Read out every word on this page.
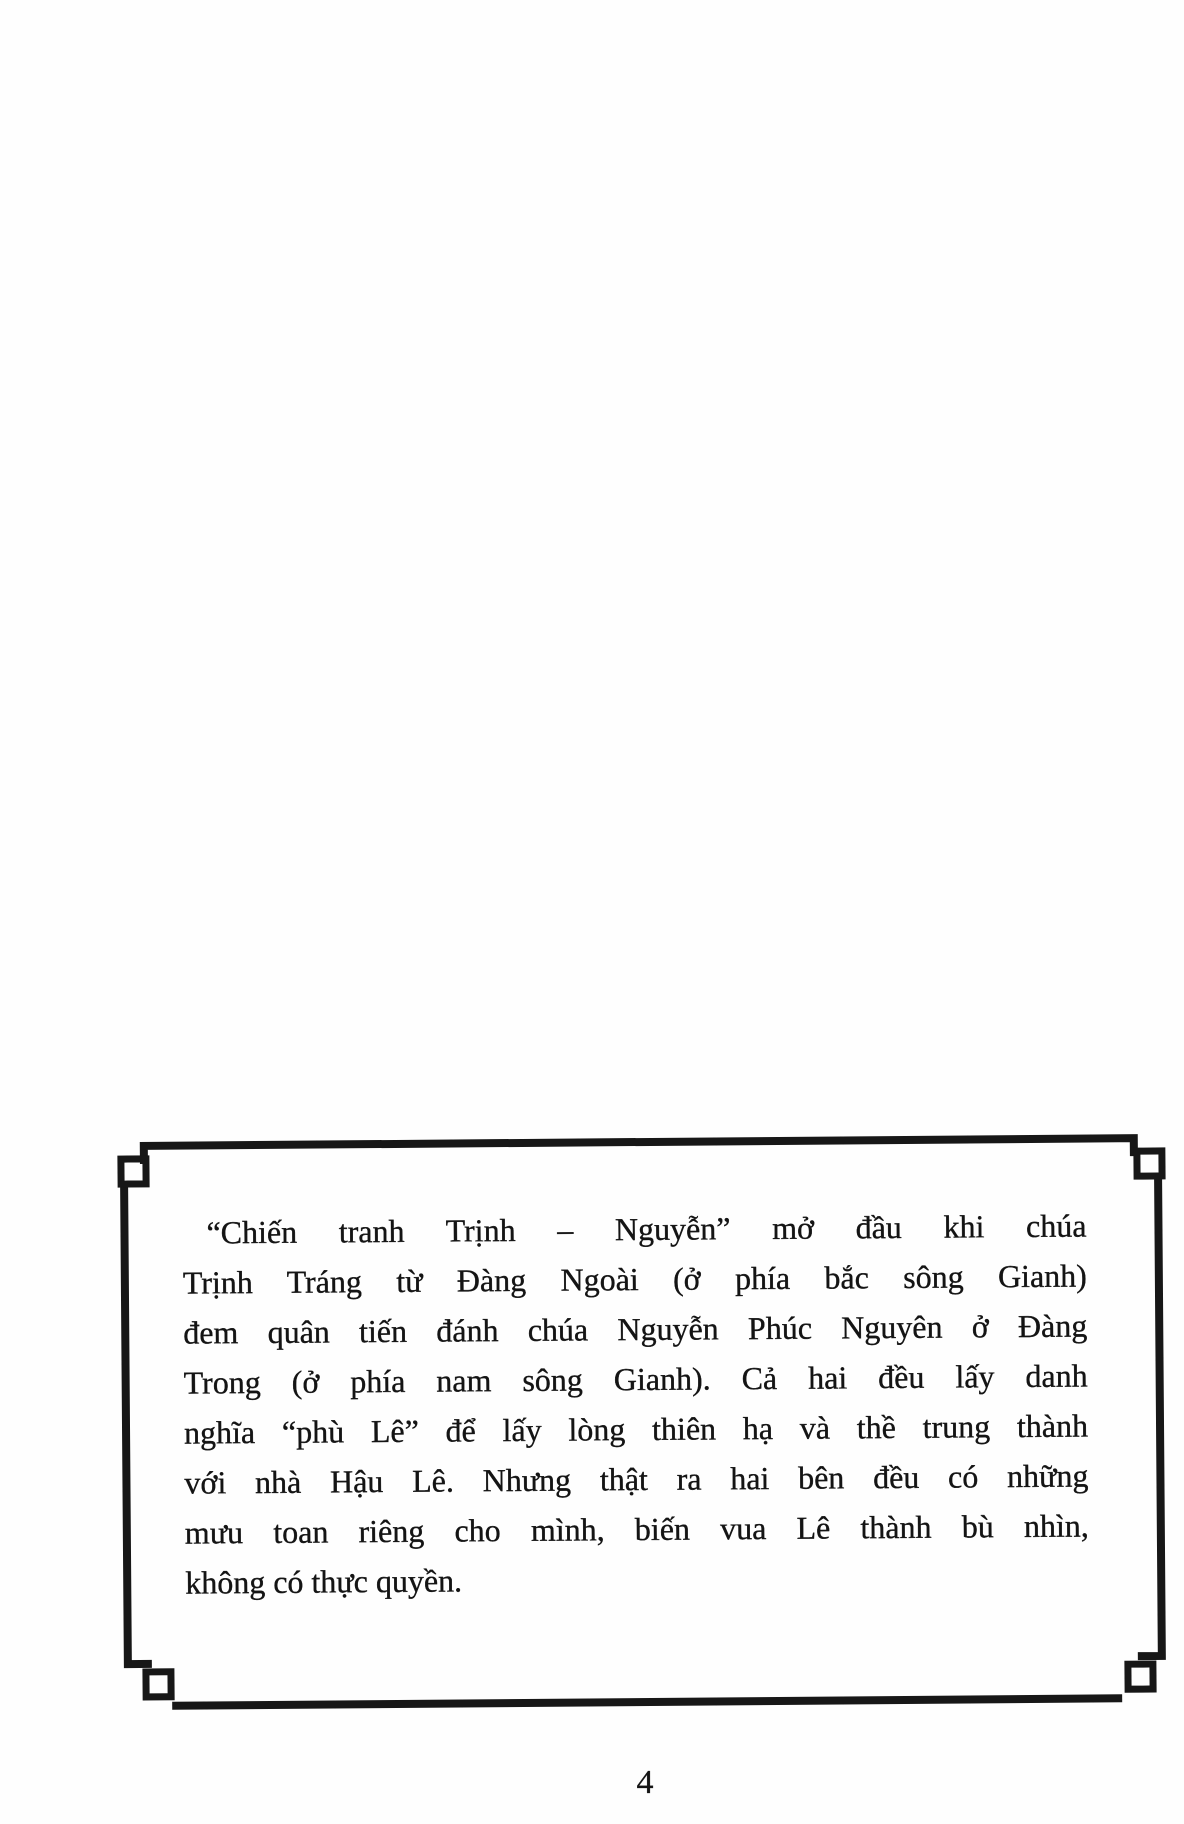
“Chiến tranh Trịnh – Nguyễn” mở đầu khi chúa
Trịnh Tráng từ Đàng Ngoài (ở phía bắc sông Gianh)
đem quân tiến đánh chúa Nguyễn Phúc Nguyên ở Đàng
Trong (ở phía nam sông Gianh). Cả hai đều lấy danh
nghĩa “phù Lê” để lấy lòng thiên hạ và thề trung thành
với nhà Hậu Lê. Nhưng thật ra hai bên đều có những
mưu toan riêng cho mình, biến vua Lê thành bù nhìn,
không có thực quyền.
4
